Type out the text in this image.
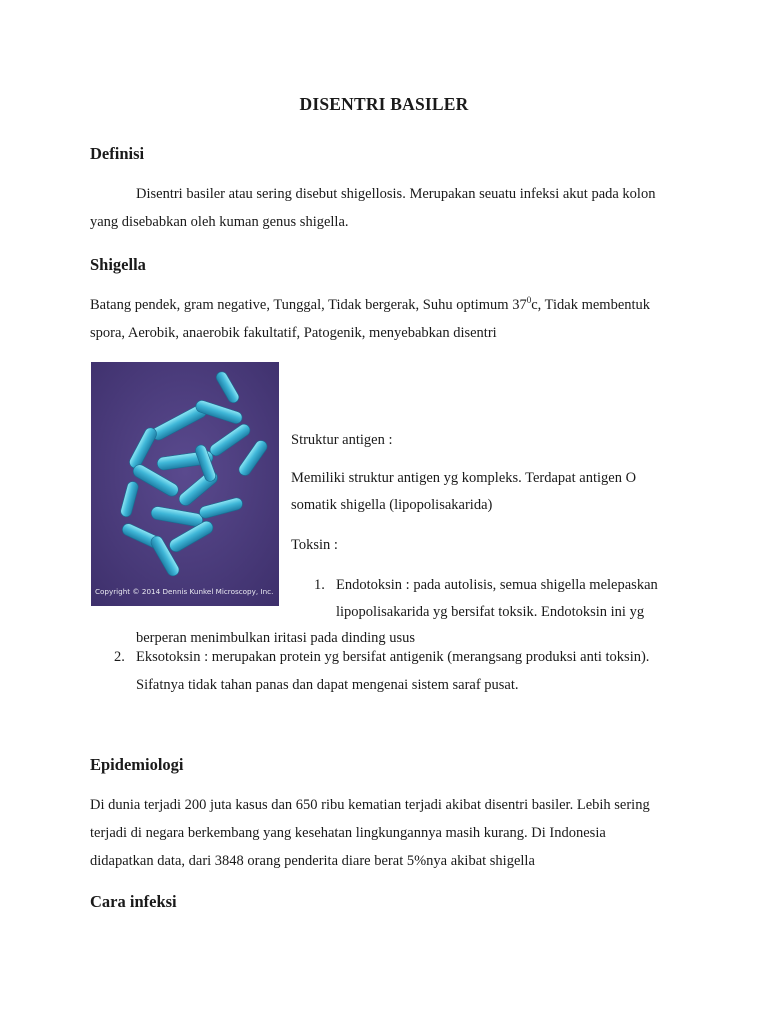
DISENTRI BASILER
Definisi
Disentri basiler atau sering disebut shigellosis. Merupakan seuatu infeksi akut pada kolon
yang disebabkan oleh kuman genus shigella.
Shigella
Batang pendek, gram negative, Tunggal, Tidak bergerak, Suhu optimum $37^0c$, Tidak membentuk
spora, Aerobik, anaerobik fakultatif, Patogenik, menyebabkan disentri
Copyright © 2014 Dennis Kunkel Microscopy, Inc.
Struktur antigen :
Memiliki struktur antigen yg kompleks. Terdapat antigen O
somatik shigella (lipopolisakarida)
Toksin :
1. Endotoksin : pada autolisis, semua shigella melepaskan
lipopolisakarida yg bersifat toksik. Endotoksin ini yg
berperan menimbulkan iritasi pada dinding usus
2. Eksotoksin : merupakan protein yg bersifat antigenik (merangsang produksi anti toksin).
Sifatnya tidak tahan panas dan dapat mengenai sistem saraf pusat.
Epidemiologi
Di dunia terjadi 200 juta kasus dan 650 ribu kematian terjadi akibat disentri basiler. Lebih sering
terjadi di negara berkembang yang kesehatan lingkungannya masih kurang. Di Indonesia
didapatkan data, dari 3848 orang penderita diare berat 5%nya akibat shigella
Cara infeksi
